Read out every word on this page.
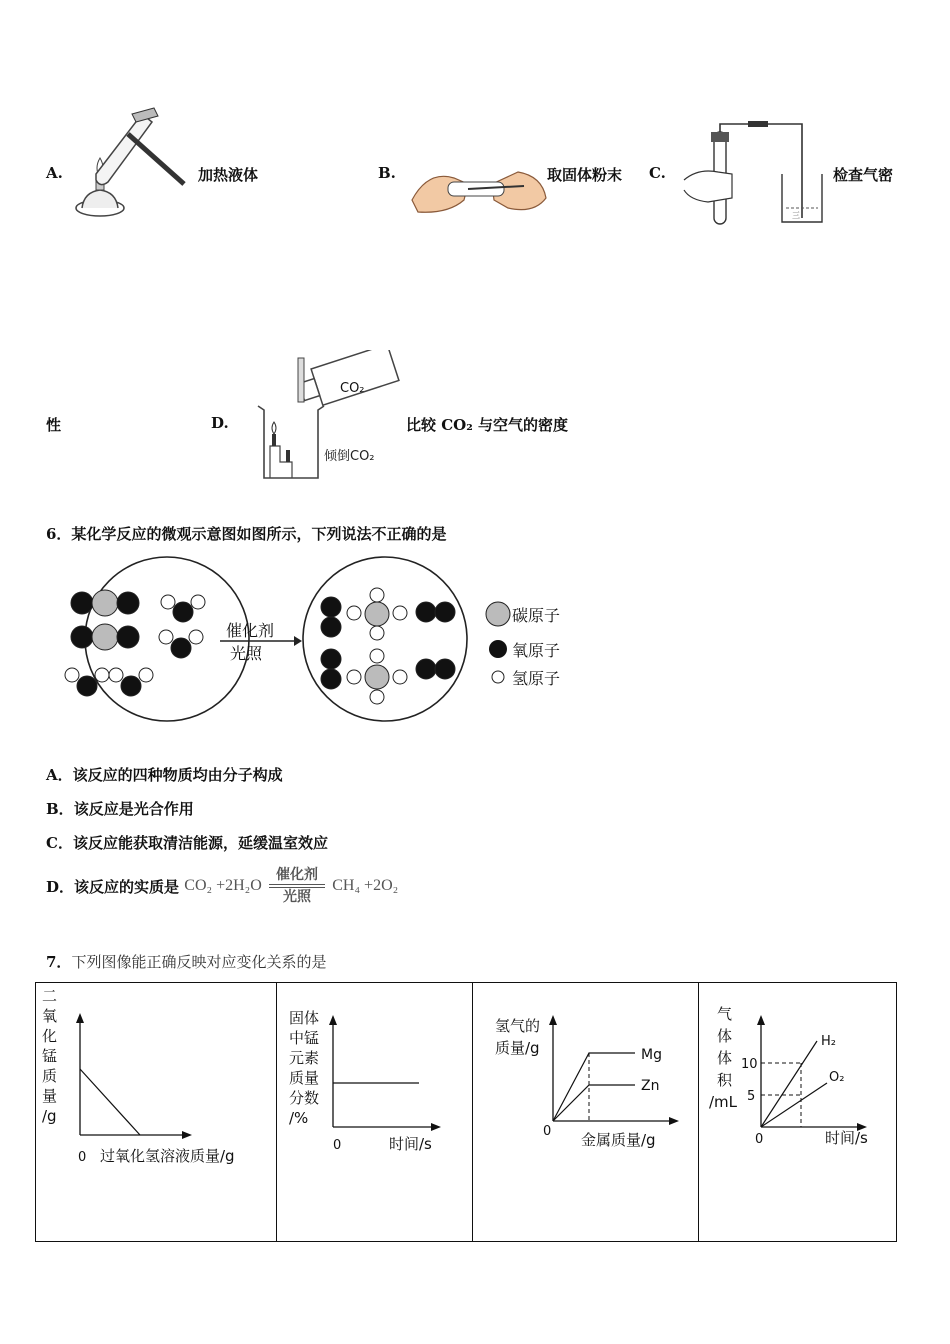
A.	加热液体	B.	取固体粉末 C.
三
检查气密
性	D.
CO₂
倾倒CO₂
比较 CO₂ 与空气的密度
6．某化学反应的微观示意图如图所示，下列说法不正确的是
催化剂
光照
碳原子
氧原子
氢原子
A．该反应的四种物质均由分子构成
B．该反应是光合作用
C．该反应能获取清洁能源，延缓温室效应
D．该反应的实质是 $CO_2 +2H_2O \frac{\text{催化剂}}{\text{光照}} CH_4 +2O_2$
7．下列图像能正确反映对应变化关系的是
二
氧
化
锰
质
量
/g
0 过氧化氢溶液质量/g
固体
中锰
元素
质量
分数
/%
0	时间/s
氢气的
质量/g	Mg
Zn
0 金属质量/g
气
体
体
积
/mL
10
5
H₂
O₂
0	时间/s
